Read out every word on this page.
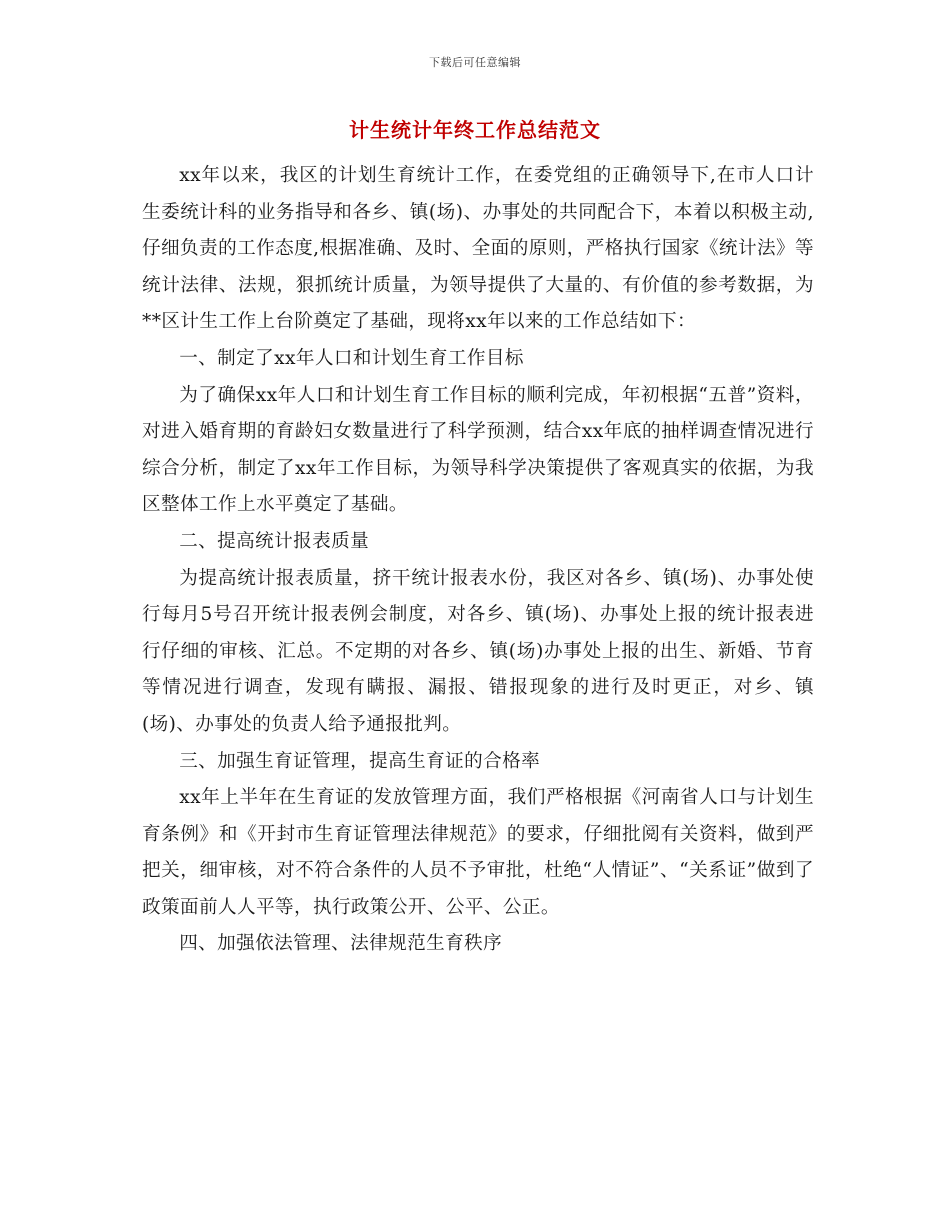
下载后可任意编辑
计生统计年终工作总结范文

xx年以来，我区的计划生育统计工作，在委党组的正确领导下,在市人口计生委统计科的业务指导和各乡、镇(场)、办事处的共同配合下，本着以积极主动,仔细负责的工作态度,根据准确、及时、全面的原则，严格执行国家《统计法》等统计法律、法规，狠抓统计质量，为领导提供了大量的、有价值的参考数据，为**区计生工作上台阶奠定了基础，现将xx年以来的工作总结如下：

一、制定了xx年人口和计划生育工作目标

为了确保xx年人口和计划生育工作目标的顺利完成，年初根据“五普”资料，对进入婚育期的育龄妇女数量进行了科学预测，结合xx年底的抽样调查情况进行综合分析，制定了xx年工作目标，为领导科学决策提供了客观真实的依据，为我区整体工作上水平奠定了基础。

二、提高统计报表质量

为提高统计报表质量，挤干统计报表水份，我区对各乡、镇(场)、办事处使行每月5号召开统计报表例会制度，对各乡、镇(场)、办事处上报的统计报表进行仔细的审核、汇总。不定期的对各乡、镇(场)办事处上报的出生、新婚、节育等情况进行调查，发现有瞒报、漏报、错报现象的进行及时更正，对乡、镇(场)、办事处的负责人给予通报批判。

三、加强生育证管理，提高生育证的合格率

xx年上半年在生育证的发放管理方面，我们严格根据《河南省人口与计划生育条例》和《开封市生育证管理法律规范》的要求，仔细批阅有关资料，做到严把关，细审核，对不符合条件的人员不予审批，杜绝“人情证”、“关系证”做到了政策面前人人平等，执行政策公开、公平、公正。

四、加强依法管理、法律规范生育秩序
